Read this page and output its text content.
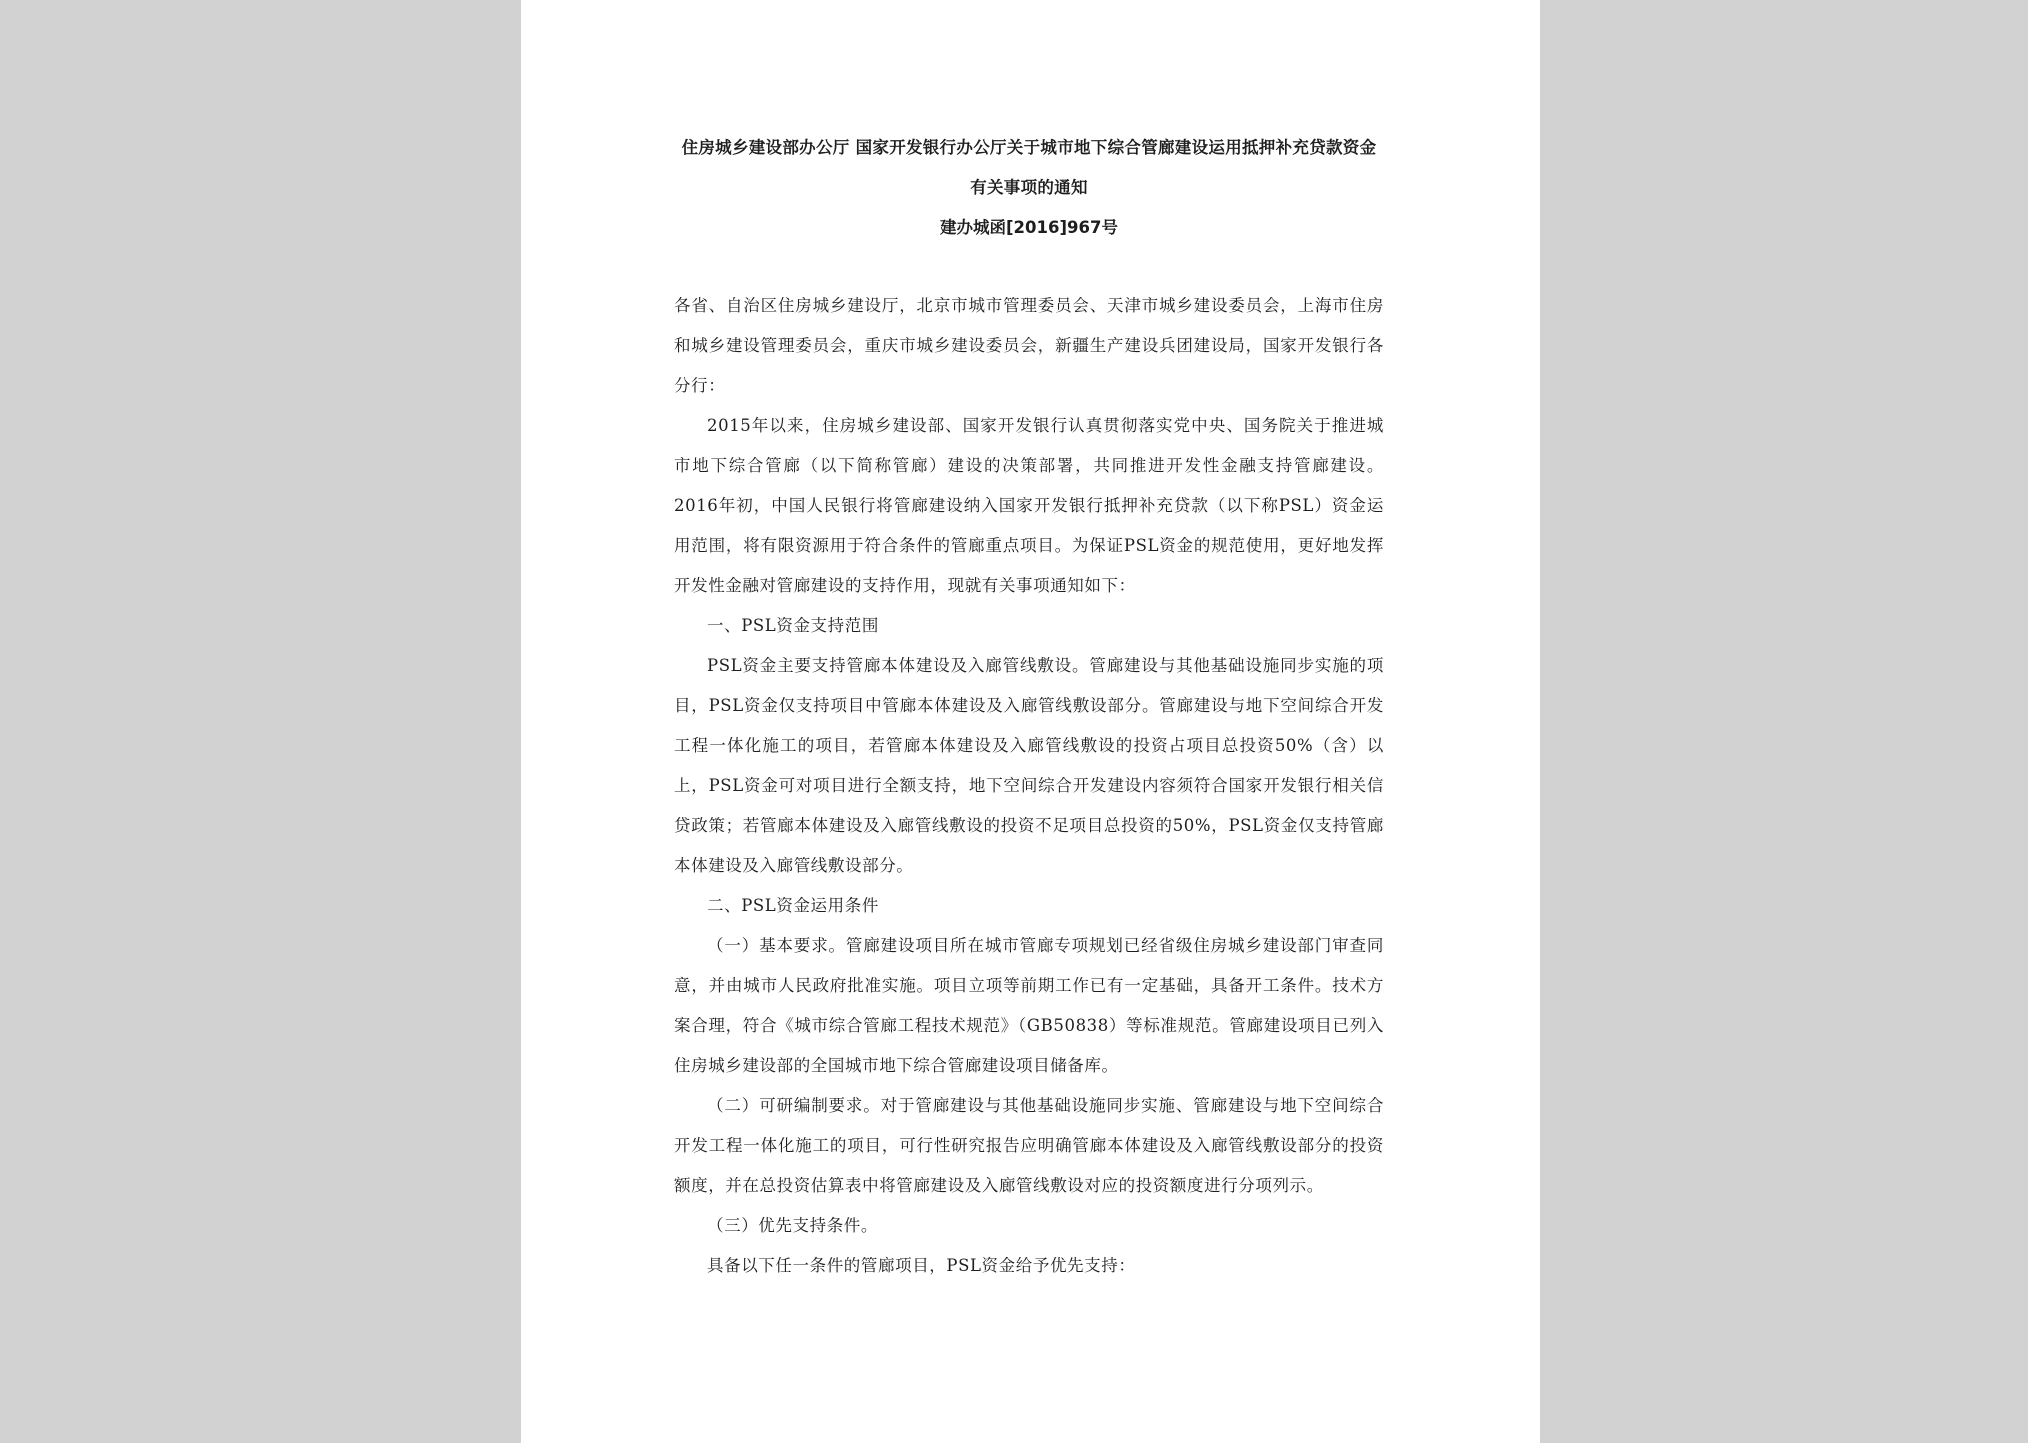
住房城乡建设部办公厅 国家开发银行办公厅关于城市地下综合管廊建设运用抵押补充贷款资金有关事项的通知

建办城函[2016]967号

各省、自治区住房城乡建设厅，北京市城市管理委员会、天津市城乡建设委员会，上海市住房和城乡建设管理委员会，重庆市城乡建设委员会，新疆生产建设兵团建设局，国家开发银行各分行：

2015年以来，住房城乡建设部、国家开发银行认真贯彻落实党中央、国务院关于推进城市地下综合管廊（以下简称管廊）建设的决策部署，共同推进开发性金融支持管廊建设。2016年初，中国人民银行将管廊建设纳入国家开发银行抵押补充贷款（以下称PSL）资金运用范围，将有限资源用于符合条件的管廊重点项目。为保证PSL资金的规范使用，更好地发挥开发性金融对管廊建设的支持作用，现就有关事项通知如下：

一、PSL资金支持范围

PSL资金主要支持管廊本体建设及入廊管线敷设。管廊建设与其他基础设施同步实施的项目，PSL资金仅支持项目中管廊本体建设及入廊管线敷设部分。管廊建设与地下空间综合开发工程一体化施工的项目，若管廊本体建设及入廊管线敷设的投资占项目总投资50%（含）以上，PSL资金可对项目进行全额支持，地下空间综合开发建设内容须符合国家开发银行相关信贷政策；若管廊本体建设及入廊管线敷设的投资不足项目总投资的50%，PSL资金仅支持管廊本体建设及入廊管线敷设部分。

二、PSL资金运用条件

（一）基本要求。管廊建设项目所在城市管廊专项规划已经省级住房城乡建设部门审查同意，并由城市人民政府批准实施。项目立项等前期工作已有一定基础，具备开工条件。技术方案合理，符合《城市综合管廊工程技术规范》（GB50838）等标准规范。管廊建设项目已列入住房城乡建设部的全国城市地下综合管廊建设项目储备库。

（二）可研编制要求。对于管廊建设与其他基础设施同步实施、管廊建设与地下空间综合开发工程一体化施工的项目，可行性研究报告应明确管廊本体建设及入廊管线敷设部分的投资额度，并在总投资估算表中将管廊建设及入廊管线敷设对应的投资额度进行分项列示。

（三）优先支持条件。

具备以下任一条件的管廊项目，PSL资金给予优先支持：
